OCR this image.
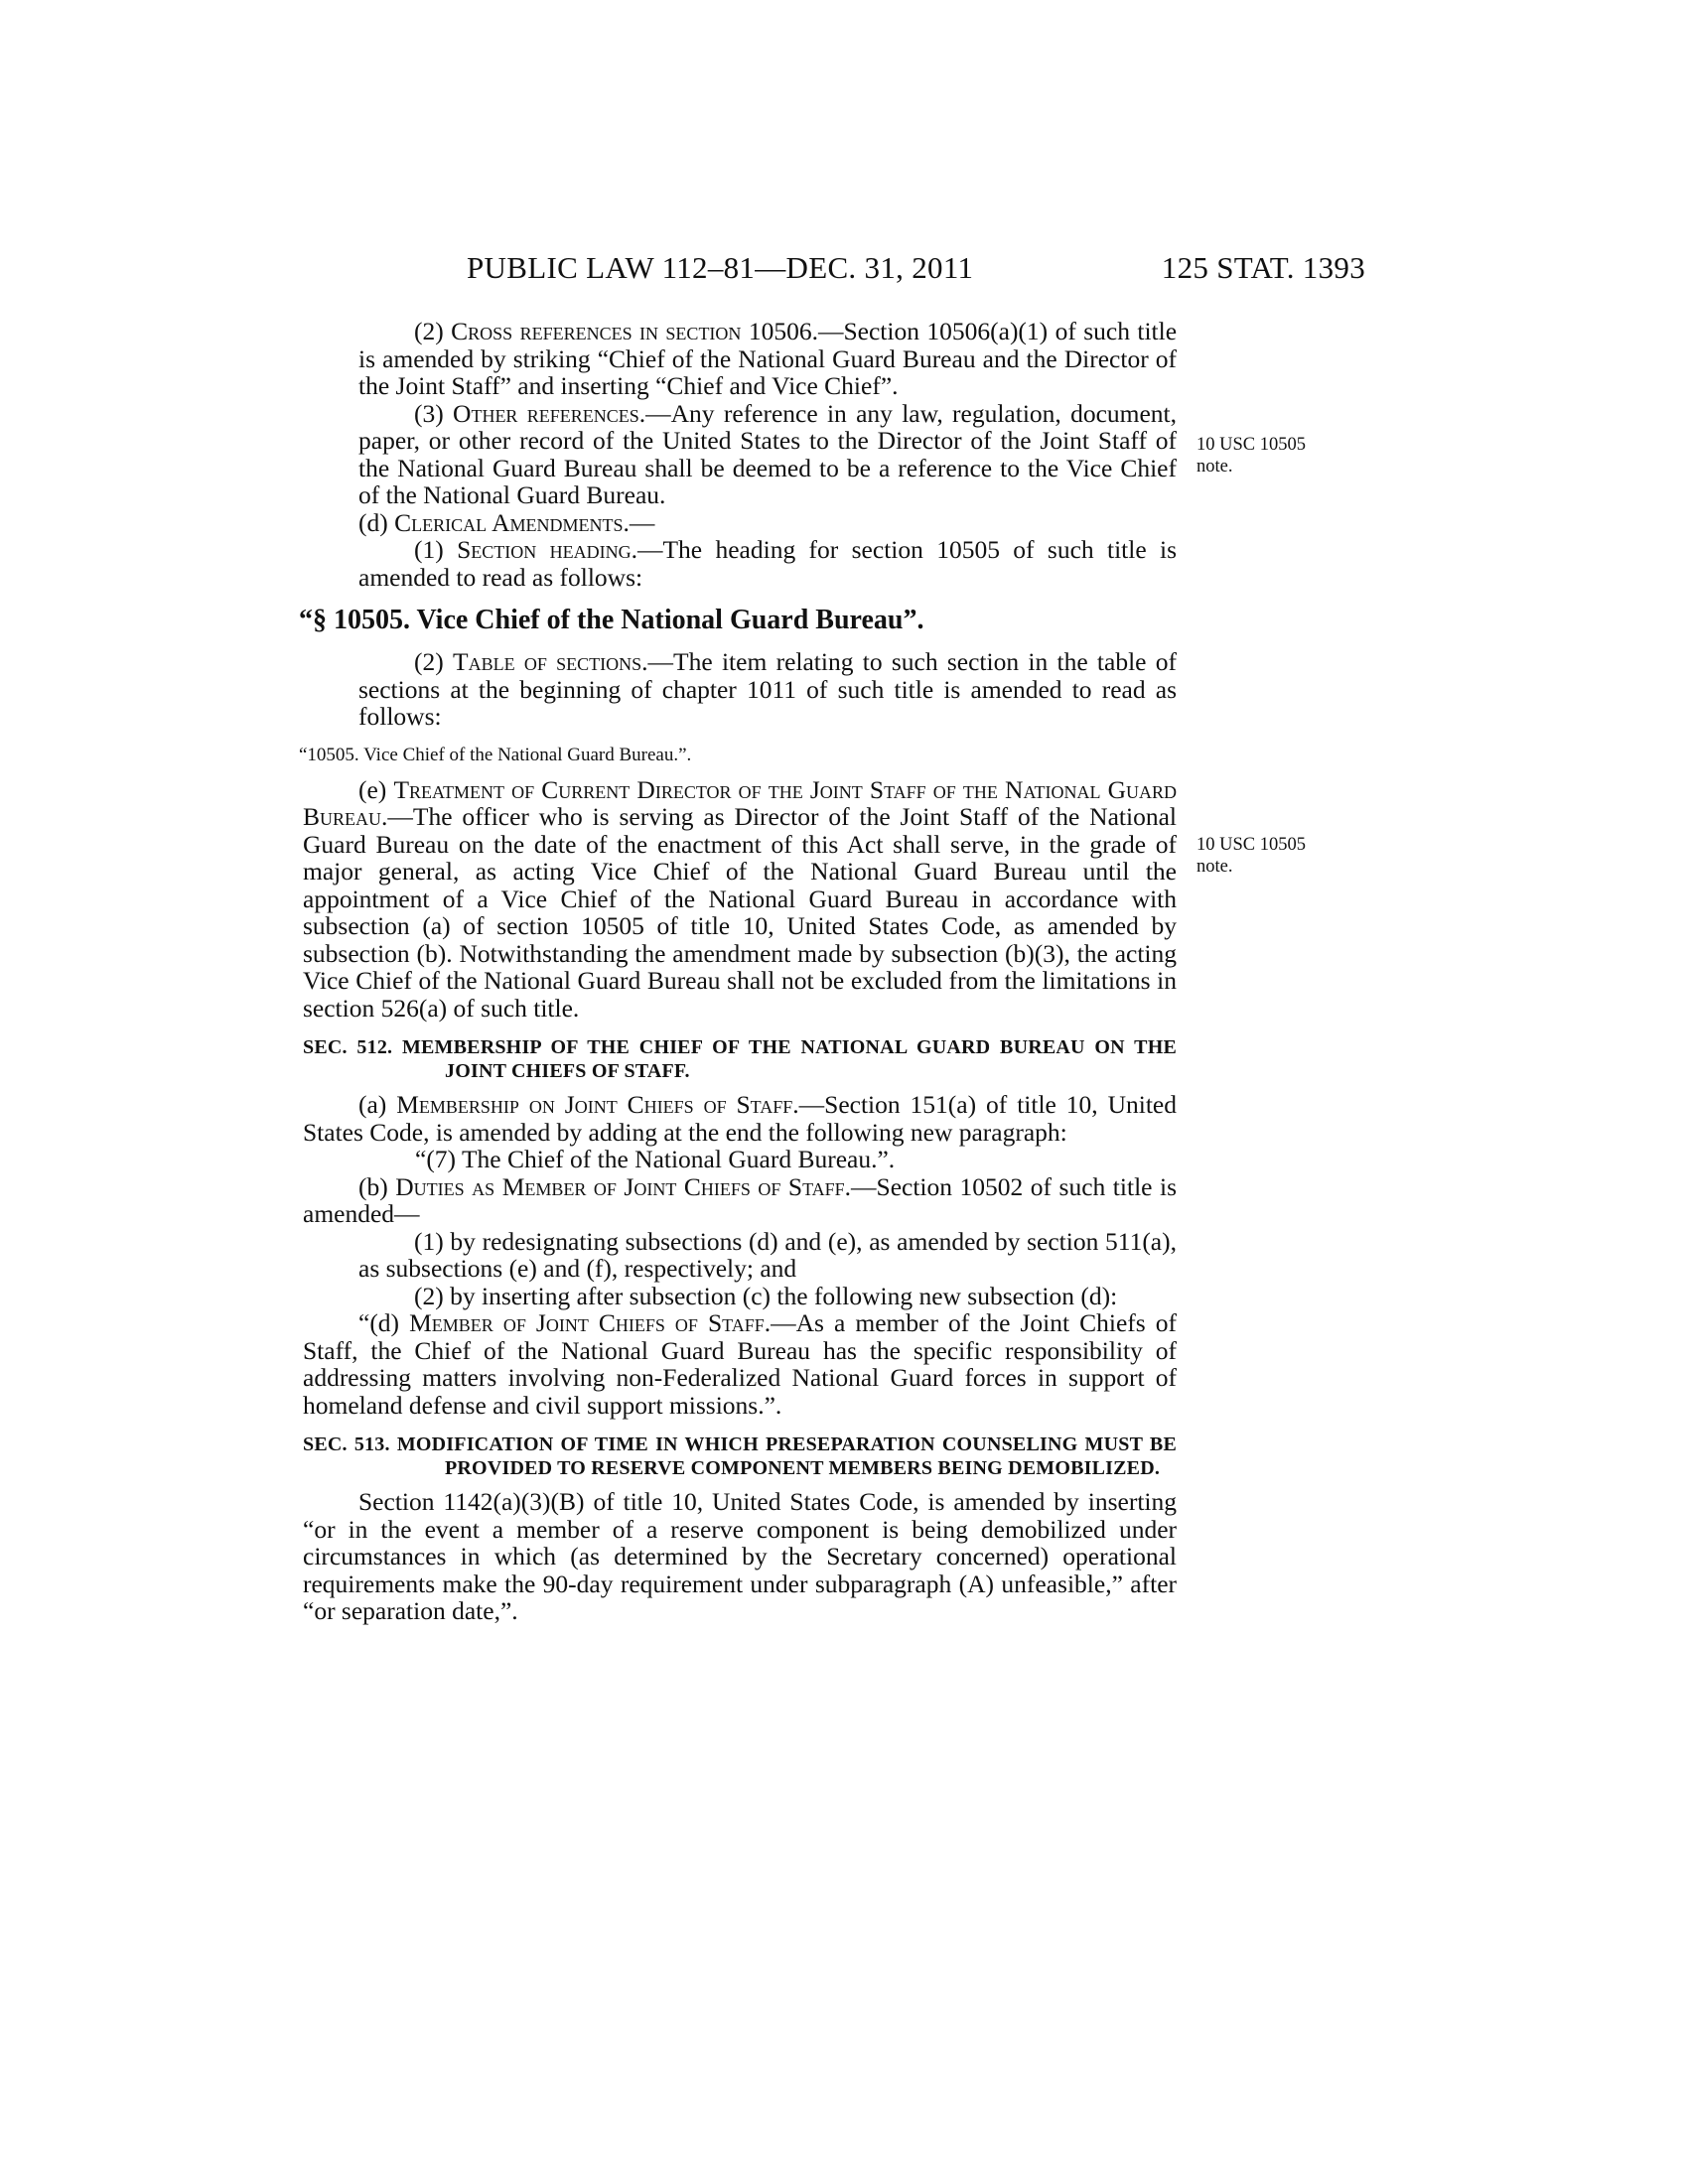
PUBLIC LAW 112–81—DEC. 31, 2011	125 STAT. 1393
10 USC 10505
note.
10 USC 10505
note.

(2) Cross references in section 10506.—Section 10506(a)(1) of such title is amended by striking “Chief of the National Guard Bureau and the Director of the Joint Staff” and inserting “Chief and Vice Chief”.

(3) Other references.—Any reference in any law, regulation, document, paper, or other record of the United States to the Director of the Joint Staff of the National Guard Bureau shall be deemed to be a reference to the Vice Chief of the National Guard Bureau.

(d) Clerical Amendments.—

(1) Section heading.—The heading for section 10505 of such title is amended to read as follows:

“§ 10505. Vice Chief of the National Guard Bureau”.

(2) Table of sections.—The item relating to such section in the table of sections at the beginning of chapter 1011 of such title is amended to read as follows:

“10505. Vice Chief of the National Guard Bureau.”.

(e) Treatment of Current Director of the Joint Staff of the National Guard Bureau.—The officer who is serving as Director of the Joint Staff of the National Guard Bureau on the date of the enactment of this Act shall serve, in the grade of major general, as acting Vice Chief of the National Guard Bureau until the appointment of a Vice Chief of the National Guard Bureau in accordance with subsection (a) of section 10505 of title 10, United States Code, as amended by subsection (b). Notwithstanding the amendment made by subsection (b)(3), the acting Vice Chief of the National Guard Bureau shall not be excluded from the limitations in section 526(a) of such title.

SEC. 512. MEMBERSHIP OF THE CHIEF OF THE NATIONAL GUARD BUREAU ON THE JOINT CHIEFS OF STAFF.

(a) Membership on Joint Chiefs of Staff.—Section 151(a) of title 10, United States Code, is amended by adding at the end the following new paragraph:

“(7) The Chief of the National Guard Bureau.”.

(b) Duties as Member of Joint Chiefs of Staff.—Section 10502 of such title is amended—

(1) by redesignating subsections (d) and (e), as amended by section 511(a), as subsections (e) and (f), respectively; and

(2) by inserting after subsection (c) the following new subsection (d):

“(d) Member of Joint Chiefs of Staff.—As a member of the Joint Chiefs of Staff, the Chief of the National Guard Bureau has the specific responsibility of addressing matters involving non-Federalized National Guard forces in support of homeland defense and civil support missions.”.

SEC. 513. MODIFICATION OF TIME IN WHICH PRESEPARATION COUNSELING MUST BE PROVIDED TO RESERVE COMPONENT MEMBERS BEING DEMOBILIZED.

Section 1142(a)(3)(B) of title 10, United States Code, is amended by inserting “or in the event a member of a reserve component is being demobilized under circumstances in which (as determined by the Secretary concerned) operational requirements make the 90-day requirement under subparagraph (A) unfeasible,” after “or separation date,”.
